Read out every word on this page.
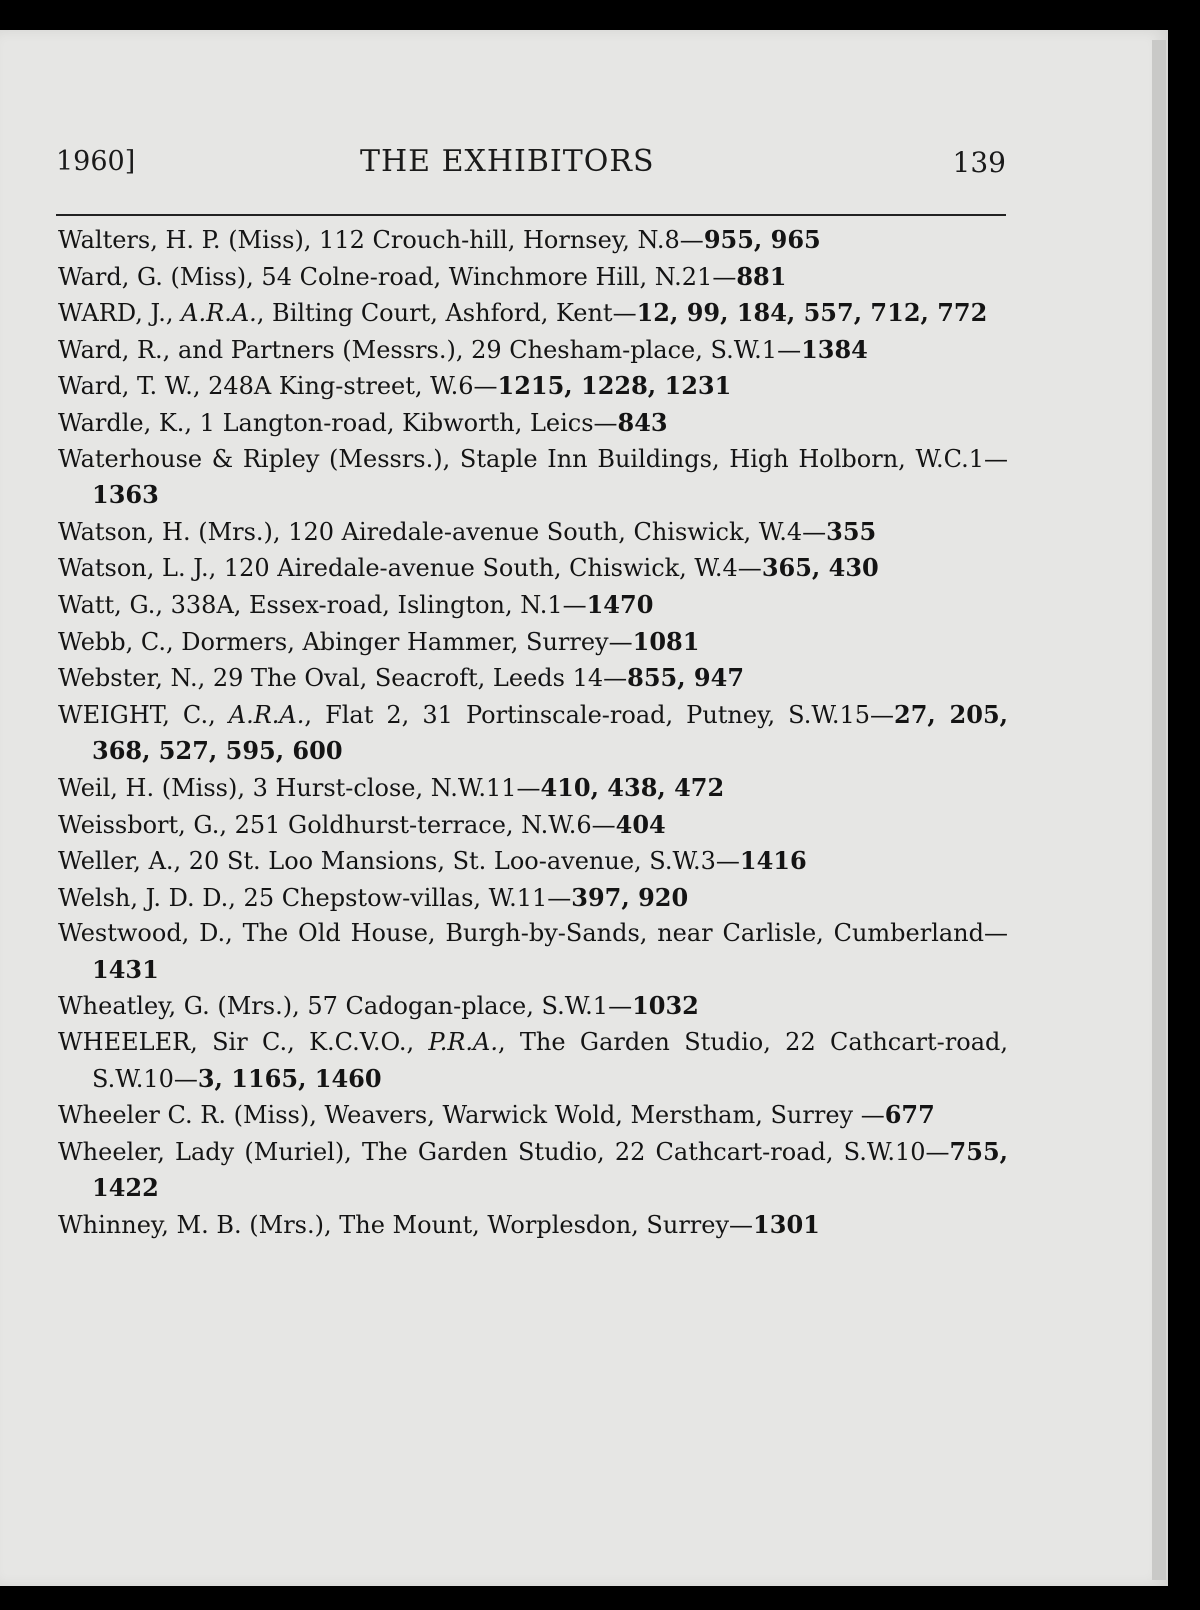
1960]	THE EXHIBITORS	139

Walters, H. P. (Miss), 112 Crouch-hill, Hornsey, N.8—955, 965

Ward, G. (Miss), 54 Colne-road, Winchmore Hill, N.21—881

WARD, J., A.R.A., Bilting Court, Ashford, Kent—12, 99, 184, 557, 712, 772

Ward, R., and Partners (Messrs.), 29 Chesham-place, S.W.1—1384

Ward, T. W., 248A King-street, W.6—1215, 1228, 1231

Wardle, K., 1 Langton-road, Kibworth, Leics—843

Waterhouse & Ripley (Messrs.), Staple Inn Buildings, High Holborn, W.C.1—1363

Watson, H. (Mrs.), 120 Airedale-avenue South, Chiswick, W.4—355

Watson, L. J., 120 Airedale-avenue South, Chiswick, W.4—365, 430

Watt, G., 338A, Essex-road, Islington, N.1—1470

Webb, C., Dormers, Abinger Hammer, Surrey—1081

Webster, N., 29 The Oval, Seacroft, Leeds 14—855, 947

WEIGHT, C., A.R.A., Flat 2, 31 Portinscale-road, Putney, S.W.15—27, 205, 368, 527, 595, 600

Weil, H. (Miss), 3 Hurst-close, N.W.11—410, 438, 472

Weissbort, G., 251 Goldhurst-terrace, N.W.6—404

Weller, A., 20 St. Loo Mansions, St. Loo-avenue, S.W.3—1416

Welsh, J. D. D., 25 Chepstow-villas, W.11—397, 920

Westwood, D., The Old House, Burgh-by-Sands, near Carlisle, Cumberland—1431

Wheatley, G. (Mrs.), 57 Cadogan-place, S.W.1—1032

WHEELER, Sir C., K.C.V.O., P.R.A., The Garden Studio, 22 Cathcart-road, S.W.10—3, 1165, 1460

Wheeler C. R. (Miss), Weavers, Warwick Wold, Merstham, Surrey —677

Wheeler, Lady (Muriel), The Garden Studio, 22 Cathcart-road, S.W.10—755, 1422

Whinney, M. B. (Mrs.), The Mount, Worplesdon, Surrey—1301
